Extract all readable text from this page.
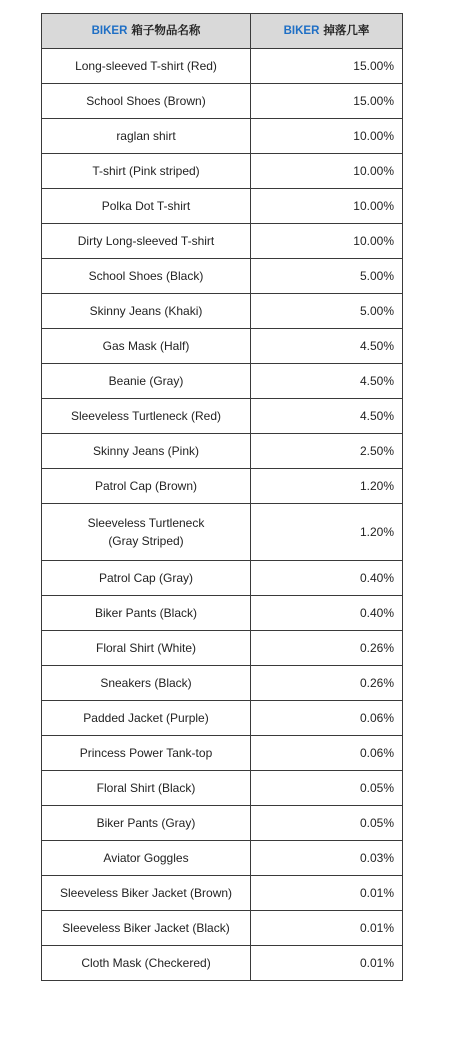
BIKER 箱子物品名称	BIKER 掉落几率
Long-sleeved T-shirt (Red)	15.00%
School Shoes (Brown)	15.00%
raglan shirt	10.00%
T-shirt (Pink striped)	10.00%
Polka Dot T-shirt	10.00%
Dirty Long-sleeved T-shirt	10.00%
School Shoes (Black)	5.00%
Skinny Jeans (Khaki)	5.00%
Gas Mask (Half)	4.50%
Beanie (Gray)	4.50%
Sleeveless Turtleneck (Red)	4.50%
Skinny Jeans (Pink)	2.50%
Patrol Cap (Brown)	1.20%
Sleeveless Turtleneck
(Gray Striped)	1.20%
Patrol Cap (Gray)	0.40%
Biker Pants (Black)	0.40%
Floral Shirt (White)	0.26%
Sneakers (Black)	0.26%
Padded Jacket (Purple)	0.06%
Princess Power Tank-top	0.06%
Floral Shirt (Black)	0.05%
Biker Pants (Gray)	0.05%
Aviator Goggles	0.03%
Sleeveless Biker Jacket (Brown)	0.01%
Sleeveless Biker Jacket (Black)	0.01%
Cloth Mask (Checkered)	0.01%
